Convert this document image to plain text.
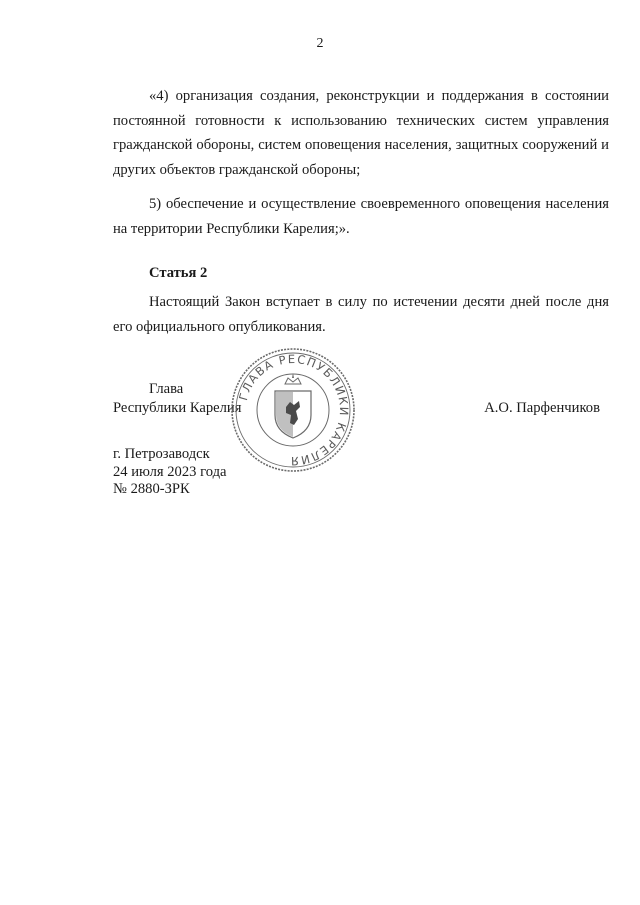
2

«4) организация создания, реконструкции и поддержания в состоянии постоянной готовности к использованию технических систем управления гражданской обороны, систем оповещения населения, защитных сооружений и других объектов гражданской обороны;

5) обеспечение и осуществление своевременного оповещения населения на территории Республики Карелия;».

Статья 2

Настоящий Закон вступает в силу по истечении десяти дней после дня его официального опубликования.

Глава
Республики Карелия
ГЛАВА РЕСПУБЛИКИ КАРЕЛИЯ
А.О. Парфенчиков
г. Петрозаводск
24 июля 2023 года
№ 2880-ЗРК
